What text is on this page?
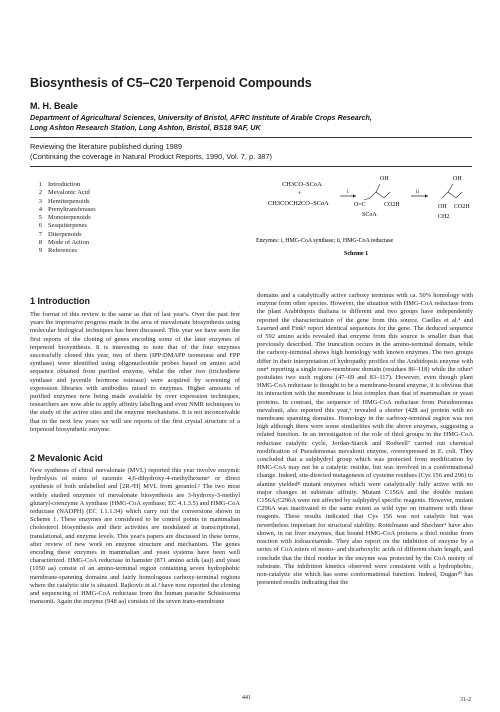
Biosynthesis of C5–C20 Terpenoid Compounds
M. H. Beale
Department of Agricultural Sciences, University of Bristol, AFRC Institute of Arable Crops Research,
Long Ashton Research Station, Long Ashton, Bristol, BS18 9AF, UK
Reviewing the literature published during 1989
(Continuing the coverage in Natural Product Reports, 1990, Vol. 7, p. 387)
1 Introduction
2 Mevalonic Acid
3 Hemiterpenoids
4 Prenyltransferases
5 Monoterpenoids
6 Sesquiterpenes
7 Diterpenoids
8 Mode of Action
9 References
CH3CO–SCoA
+
CH3COCH2CO–SCoA
i
OH
O=C	CO2H
SCoA
ii
OH
OH
CH2
CO2H
Enzymes: i, HMG-CoA synthase; ii, HMG-CoA reductase
Scheme 1
1 Introduction
The format of this review is the same as that of last year's. Over the past few years the impressive progress made in the area of mevalonate biosynthesis using molecular biological techniques has been discussed. This year we have seen the first reports of the cloning of genes encoding some of the later enzymes of terpenoid biosynthesis. It is interesting to note that of the four enzymes successfully cloned this year, two of them (IPP:DMAPP isomerase and FPP synthase) were identified using oligonucleotide probes based on amino acid sequence obtained from purified enzyme, whilst the other two (trichodiene synthase and juvenile hormone esterase) were acquired by screening of expression libraries with antibodies raised to enzymes. Higher amounts of purified enzymes now being made available by over expression techniques, researchers are now able to apply affinity labelling and even NMR techniques to the study of the active sites and the enzyme mechanisms. It is not inconceivable that in the next few years we will see reports of the first crystal structure of a terpenoid biosynthetic enzyme.
2 Mevalonic Acid
New syntheses of chiral mevalonate (MVL) reported this year involve enzymic hydrolysis of esters of racemic 4,6-dihydroxy-4-methylhexene¹ or direct synthesis of both unlabelled and [2R-²H] MVL from geraniol.² The two most widely studied enzymes of mevalonate biosynthesis are 3-hydroxy-3-methyl glutaryl-coenzyme A synthase (HMG-CoA synthase; EC 4.1.3.5) and HMG-CoA reductase (NADPH) (EC 1.1.1.34) which carry out the conversions shown in Scheme 1. These enzymes are considered to be control points in mammalian cholesterol biosynthesis and their activities are modulated at transcriptional, translational, and enzyme levels. This year's papers are discussed in these terms, after review of new work on enzyme structure and mechanism. The genes encoding these enzymes in mammalian and yeast systems have been well characterized. HMG-CoA reductase in hamster (871 amino acids (aa)) and yeast (1050 aa) consist of an amino-terminal region containing seven hydrophobic membrane-spanning domains and fairly homologous carboxy-terminal regions where the catalytic site is situated. Rajkovic et al.³ have now reported the cloning and sequencing of HMG-CoA reductase from the human parasite Schistosoma mansonii. Again the enzyme (948 aa) consists of the seven trans-membrane
domains and a catalytically active carboxy terminus with ca. 50% homology with enzyme from other species. However, the situation with HMG-CoA reductase from the plant Arabidopsis thaliana is different and two groups have independently reported the characterization of the gene from this source. Caelles et al.⁴ and Learned and Fink⁵ report identical sequences for the gene. The deduced sequence of 592 amino acids revealed that enzyme from this source is smaller than that previously described. The truncation occurs in the amino-terminal domain, while the carboxy-terminal shows high homology with known enzymes. The two groups differ in their interpretation of hydropathy profiles of the Arabidopsis enzyme with one⁴ reporting a single trans-membrane domain (residues 86–118) while the other⁵ postulates two such regions (47–69 and 83–117). However, even though plant HMG-CoA reductase is thought to be a membrane-bound enzyme, it is obvious that its interaction with the membrane is less complex than that of mammalian or yeast proteins. In contrast, the sequence of HMG-CoA reductase from Pseudomonas mevalonii, also reported this year,⁶ revealed a shorter (428 aa) protein with no membrane spanning domains. Homology in the carboxy-terminal region was not high although there were some similarities with the above enzymes, suggesting a related function. In an investigation of the role of thiol groups in the HMG-CoA reductase catalytic cycle, Jordan-Starck and Rodwell⁷ carried out chemical modification of Pseudomonas mevalonii enzyme, overexpressed in E. coli. They concluded that a sulphydryl group which was protected from modification by HMG-CoA may not be a catalytic residue, but was involved in a conformational change. Indeed, site-directed mutagenesis of cysteine residues (Cys 156 and 296) to alanine yielded⁸ mutant enzymes which were catalytically fully active with no major changes in substrate affinity. Mutant C156A and the double mutant C156A;C296A were not affected by sulphydryl specific reagents. However, mutant C296A was inactivated to the same extent as wild type on treatment with these reagents. These results indicated that Cys 156 was not catalytic but was nevertheless important for structural stability. Roitelmann and Shechter⁹ have also shown, in rat liver enzymes, that bound HMG-CoA protects a thiol residue from reaction with iodoacetamide. They also report on the inhibition of enzyme by a series of CoA esters of mono- and dicarboxylic acids of different chain length, and conclude that the thiol residue in the enzyme was protected by the CoA moiety of substrate. The inhibition kinetics observed were consistent with a hydrophobic, non-catalytic site which has some conformational function. Indeed, Dugan¹⁰ has presented results indicating that the
441	31-2
